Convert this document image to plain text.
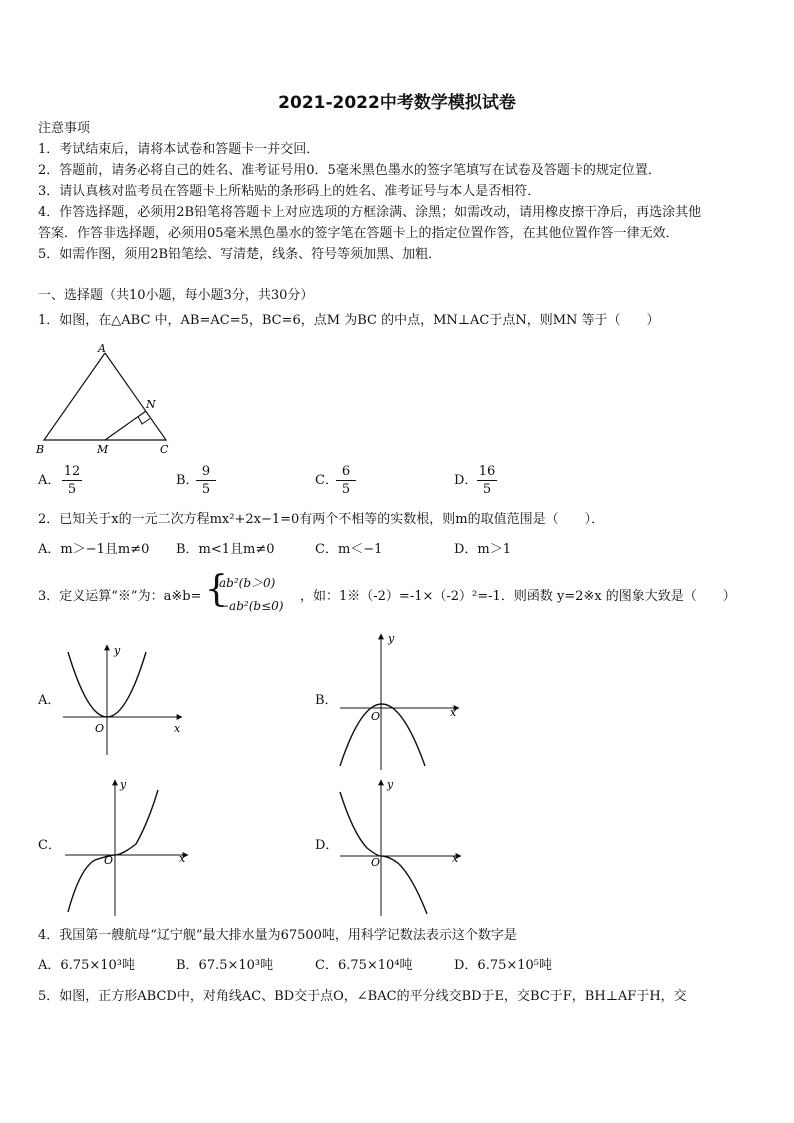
2021-2022中考数学模拟试卷
注意事项
1．考试结束后，请将本试卷和答题卡一并交回．
2．答题前，请务必将自己的姓名、准考证号用0．5毫米黑色墨水的签字笔填写在试卷及答题卡的规定位置．
3．请认真核对监考员在答题卡上所粘贴的条形码上的姓名、准考证号与本人是否相符．
4．作答选择题，必须用2B铅笔将答题卡上对应选项的方框涂满、涂黑；如需改动，请用橡皮擦干净后，再选涂其他
答案．作答非选择题，必须用05毫米黑色墨水的签字笔在答题卡上的指定位置作答，在其他位置作答一律无效．
5．如需作图，须用2B铅笔绘、写清楚，线条、符号等须加黑、加粗．
一、选择题（共10小题，每小题3分，共30分）
1．如图，在△ABC 中，AB=AC=5，BC=6，点M 为BC 的中点，MN⊥AC于点N，则MN 等于（　　）
A
B	C
M
N
A． $\frac{12}{5}$	B．
$\frac{9}{5}$	C．
$\frac{6}{5}$	D． $\frac{16}{5}$
2．已知关于x的一元二次方程mx²+2x−1=0有两个不相等的实数根，则m的取值范围是（　　）．
A．m＞−1且m≠0 B．m<1且m≠0	C．m＜−1	D．m＞1
3．定义运算“※”为：a※b= {
ab²(b＞0)
−ab²(b≤0)
，如：1※（-2）=-1×（-2）²=-1．则函数 y=2※x 的图象大致是（　　）
A．	B．
C．	D．
x
y
O
x
y
O
x
y
O	x
y
O
4．我国第一艘航母“辽宁舰”最大排水量为67500吨，用科学记数法表示这个数字是
A．6.75×10³吨	B．67.5×10³吨	C．6.75×10⁴吨	D．6.75×10⁵吨
5．如图，正方形ABCD中，对角线AC、BD交于点O，∠BAC的平分线交BD于E，交BC于F，BH⊥AF于H，交
